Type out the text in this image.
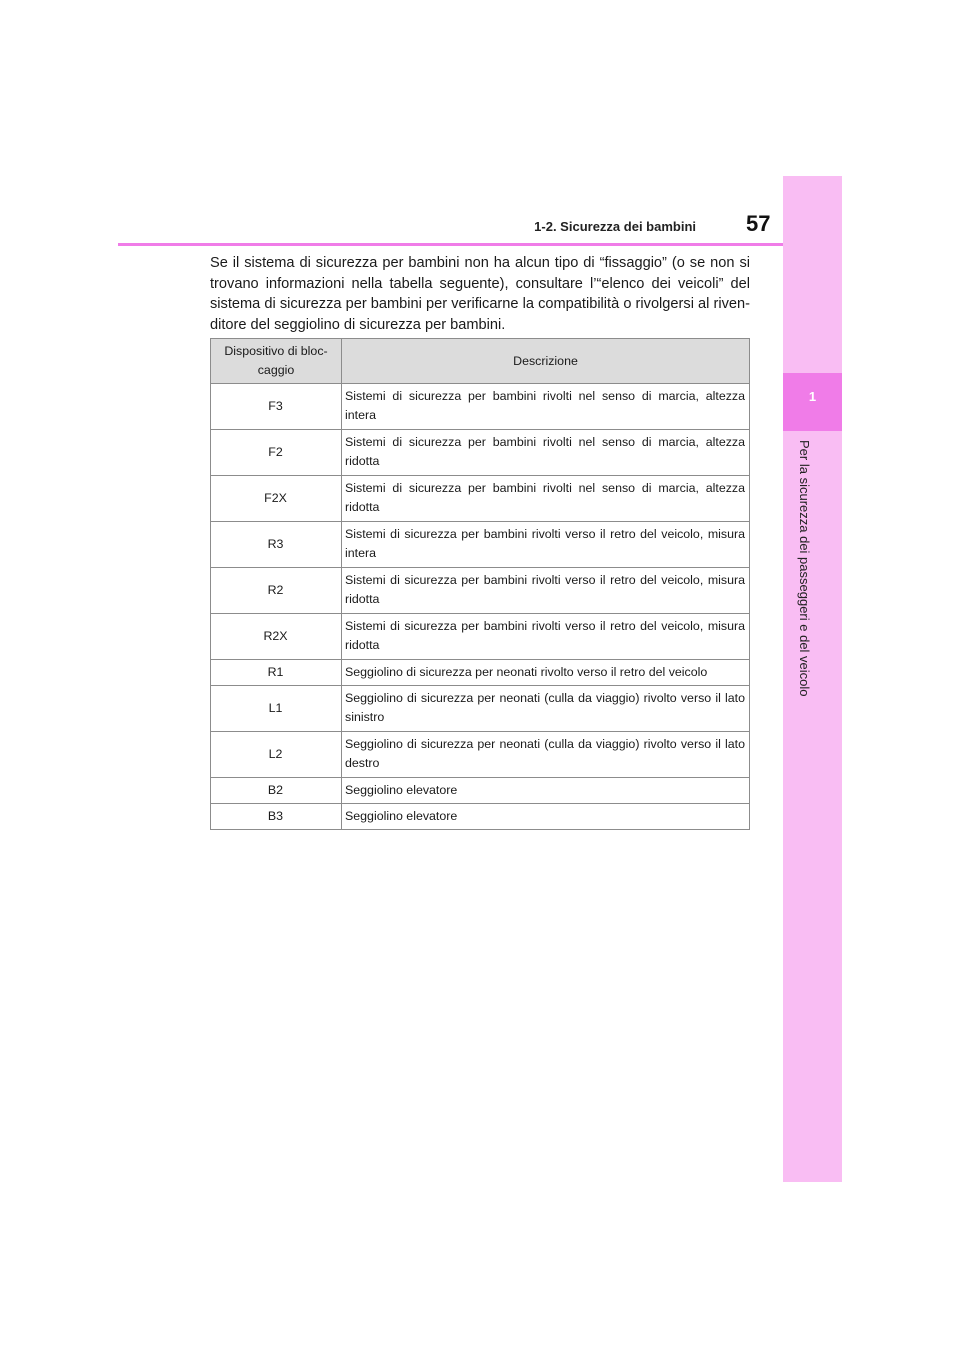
1
Per la sicurezza dei passeggeri e del veicolo
1-2. Sicurezza dei bambini 57

Se il sistema di sicurezza per bambini non ha alcun tipo di “fissaggio” (o se non si trovano informazioni nella tabella seguente), consultare l’“elenco dei veicoli” del sistema di sicurezza per bambini per verificarne la compatibilità o rivolgersi al riven- ditore del seggiolino di sicurezza per bambini.

Dispositivo di bloc- caggio	Descrizione
F3	Sistemi di sicurezza per bambini rivolti nel senso di marcia, altezza intera

F2	Sistemi di sicurezza per bambini rivolti nel senso di marcia, altezza ridotta

F2X	Sistemi di sicurezza per bambini rivolti nel senso di marcia, altezza ridotta

R3	Sistemi di sicurezza per bambini rivolti verso il retro del veicolo, misura intera

R2	Sistemi di sicurezza per bambini rivolti verso il retro del veicolo, misura ridotta

R2X	Sistemi di sicurezza per bambini rivolti verso il retro del veicolo, misura ridotta

R1	Seggiolino di sicurezza per neonati rivolto verso il retro del veicolo

L1	Seggiolino di sicurezza per neonati (culla da viaggio) rivolto verso il lato sinistro

L2	Seggiolino di sicurezza per neonati (culla da viaggio) rivolto verso il lato destro

B2	Seggiolino elevatore

B3	Seggiolino elevatore
